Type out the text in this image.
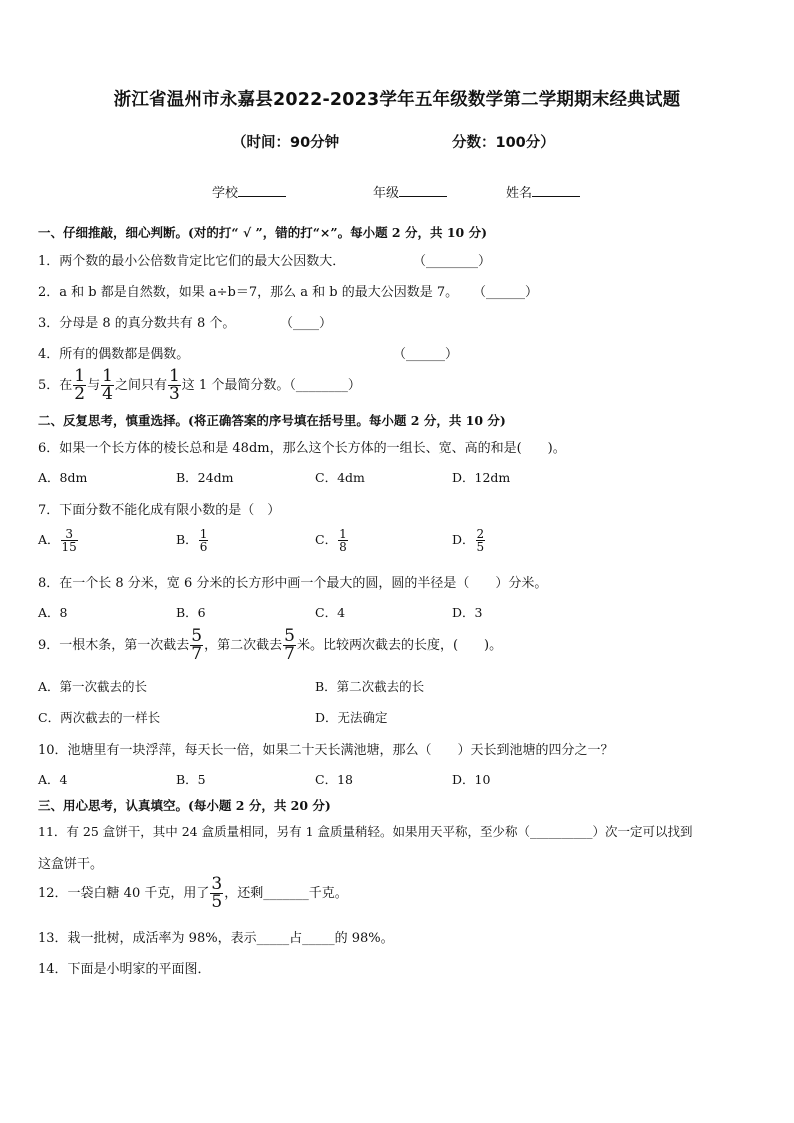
浙江省温州市永嘉县2022-2023学年五年级数学第二学期期末经典试题
（时间：90分钟	分数：100分）
学校	年级	姓名
一、仔细推敲，细心判断。(对的打“ √ ”，错的打“×”。每小题 2 分，共 10 分)
1．两个数的最小公倍数肯定比它们的最大公因数大．	（________）
2．a 和 b 都是自然数，如果 a÷b＝7，那么 a 和 b 的最大公因数是 7。 （______）
3．分母是 8 的真分数共有 8 个。	（____）
4．所有的偶数都是偶数。	（______）
5．在 $\frac{1}{2}$ 与 $\frac{1}{4}$ 之间只有 $\frac{1}{3}$ 这 1 个最简分数。（________）
二、反复思考，慎重选择。(将正确答案的序号填在括号里。每小题 2 分，共 10 分)
6．如果一个长方体的棱长总和是 48dm，那么这个长方体的一组长、宽、高的和是(　　)。
A．8dm	B．24dm	C．4dm	D．12dm
7．下面分数不能化成有限小数的是（　）
A． $\frac{3}{15}$	B． $\frac{1}{6}$	C． $\frac{1}{8}$	D． $\frac{2}{5}$
8．在一个长 8 分米，宽 6 分米的长方形中画一个最大的圆，圆的半径是（　　）分米。
A．8	B．6	C．4	D．3
9．一根木条，第一次截去 $\frac{5}{7}$ ，第二次截去 $\frac{5}{7}$ 米。比较两次截去的长度，(　　)。
A．第一次截去的长	B．第二次截去的长
C．两次截去的一样长	D．无法确定
10．池塘里有一块浮萍，每天长一倍，如果二十天长满池塘，那么（　　）天长到池塘的四分之一？
A．4	B．5	C．18	D．10
三、用心思考，认真填空。(每小题 2 分，共 20 分)
11．有 25 盒饼干，其中 24 盒质量相同，另有 1 盒质量稍轻。如果用天平称，至少称（__________）次一定可以找到
这盒饼干。
12．一袋白糖 40 千克，用了 $\frac{3}{5}$ ，还剩_______千克。
13．栽一批树，成活率为 98%，表示_____占_____的 98%。
14．下面是小明家的平面图．
